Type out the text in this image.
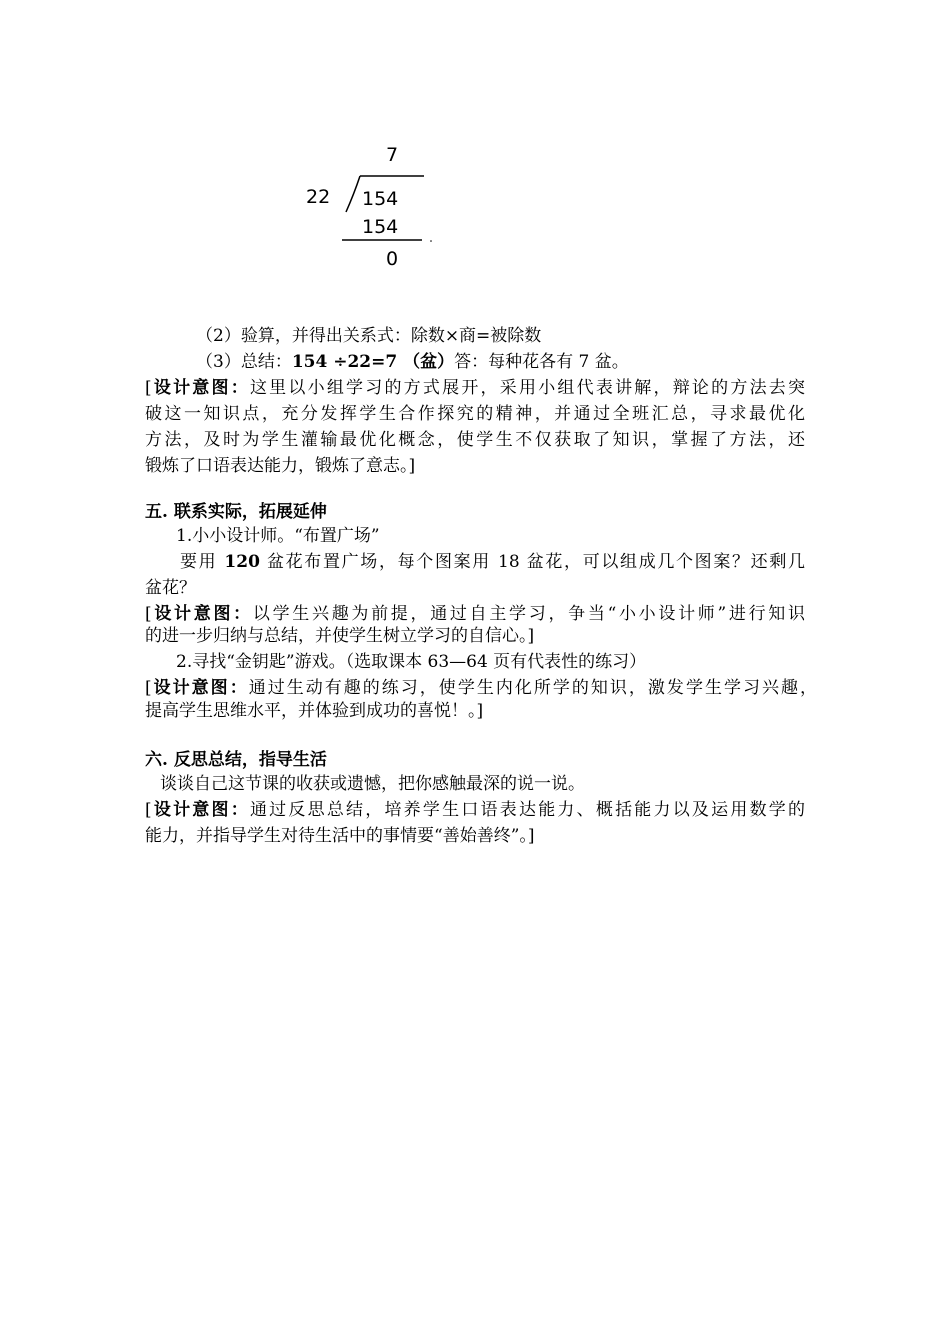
7
22 154
154
0
（2）验算，并得出关系式：除数×商=被除数
（3）总结：154 ÷22=7 （盆）答：每种花各有 7 盆。
[设计意图：这里以小组学习的方式展开，采用小组代表讲解，辩论的方法去突
破这一知识点，充分发挥学生合作探究的精神，并通过全班汇总，寻求最优化
方法，及时为学生灌输最优化概念，使学生不仅获取了知识，掌握了方法，还
锻炼了口语表达能力，锻炼了意志。]
五. 联系实际，拓展延伸
1.小小设计师。“布置广场”
要用 120 盆花布置广场，每个图案用 18 盆花，可以组成几个图案？还剩几
盆花？
[设计意图：以学生兴趣为前提，通过自主学习，争当“小小设计师”进行知识
的进一步归纳与总结，并使学生树立学习的自信心。]
2.寻找“金钥匙”游戏。（选取课本 63—64 页有代表性的练习）
[设计意图：通过生动有趣的练习，使学生内化所学的知识，激发学生学习兴趣，
提高学生思维水平，并体验到成功的喜悦！。]
六. 反思总结，指导生活
谈谈自己这节课的收获或遗憾，把你感触最深的说一说。
[设计意图：通过反思总结，培养学生口语表达能力、概括能力以及运用数学的
能力，并指导学生对待生活中的事情要“善始善终”。]
